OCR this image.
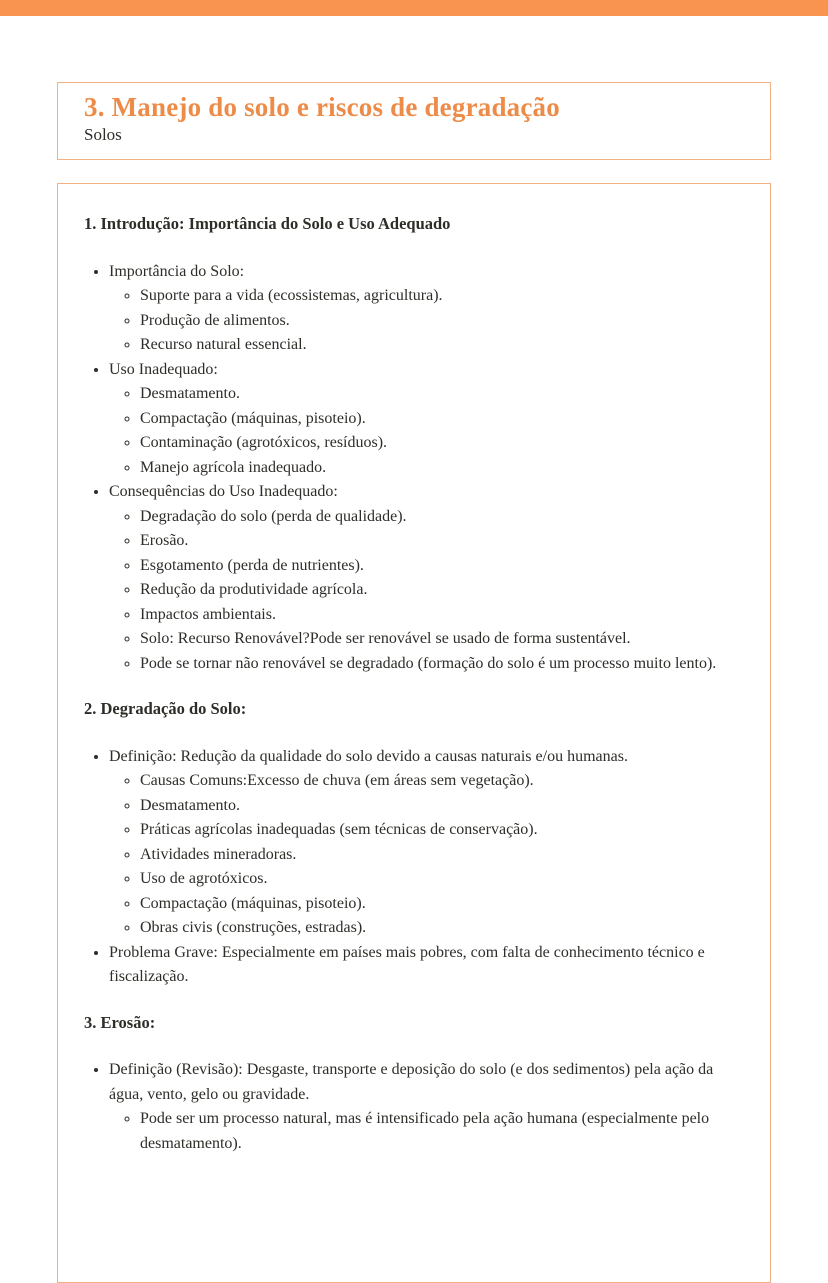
3. Manejo do solo e riscos de degradação
Solos
1. Introdução: Importância do Solo e Uso Adequado
• Importância do Solo:
◦ Suporte para a vida (ecossistemas, agricultura).
◦ Produção de alimentos.
◦ Recurso natural essencial.
• Uso Inadequado:
◦ Desmatamento.
◦ Compactação (máquinas, pisoteio).
◦ Contaminação (agrotóxicos, resíduos).
◦ Manejo agrícola inadequado.
• Consequências do Uso Inadequado:
◦ Degradação do solo (perda de qualidade).
◦ Erosão.
◦ Esgotamento (perda de nutrientes).
◦ Redução da produtividade agrícola.
◦ Impactos ambientais.
◦ Solo: Recurso Renovável?Pode ser renovável se usado de forma sustentável.
◦ Pode se tornar não renovável se degradado (formação do solo é um processo muito lento).
2. Degradação do Solo:
• Definição: Redução da qualidade do solo devido a causas naturais e/ou humanas.
◦ Causas Comuns:Excesso de chuva (em áreas sem vegetação).
◦ Desmatamento.
◦ Práticas agrícolas inadequadas (sem técnicas de conservação).
◦ Atividades mineradoras.
◦ Uso de agrotóxicos.
◦ Compactação (máquinas, pisoteio).
◦ Obras civis (construções, estradas).
• Problema Grave: Especialmente em países mais pobres, com falta de conhecimento técnico e fiscalização.
3. Erosão:
• Definição (Revisão): Desgaste, transporte e deposição do solo (e dos sedimentos) pela ação da água, vento, gelo ou gravidade.
◦ Pode ser um processo natural, mas é intensificado pela ação humana (especialmente pelo desmatamento).
